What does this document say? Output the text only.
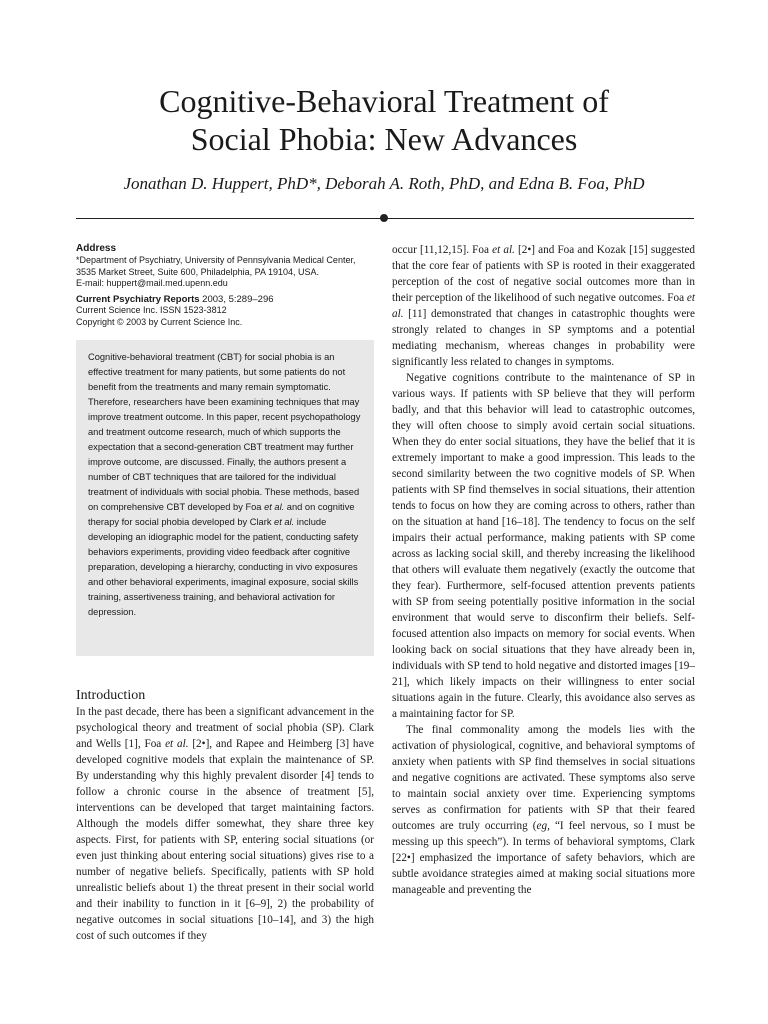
Cognitive-Behavioral Treatment of
Social Phobia: New Advances
Jonathan D. Huppert, PhD*, Deborah A. Roth, PhD, and Edna B. Foa, PhD
Address
*Department of Psychiatry, University of Pennsylvania Medical Center,
3535 Market Street, Suite 600, Philadelphia, PA 19104, USA.
E-mail: huppert@mail.med.upenn.edu
Current Psychiatry Reports 2003, 5:289–296
Current Science Inc. ISSN 1523-3812
Copyright © 2003 by Current Science Inc.
Cognitive-behavioral treatment (CBT) for social phobia is an effective treatment for many patients, but some patients do not benefit from the treatments and many remain symptomatic. Therefore, researchers have been examining techniques that may improve treatment outcome. In this paper, recent psychopathology and treatment outcome research, much of which supports the expectation that a second-generation CBT treatment may further improve outcome, are discussed. Finally, the authors present a number of CBT techniques that are tailored for the individual treatment of individuals with social phobia. These methods, based on comprehensive CBT developed by Foa et al. and on cognitive therapy for social phobia developed by Clark et al. include developing an idiographic model for the patient, conducting safety behaviors experiments, providing video feedback after cognitive preparation, developing a hierarchy, conducting in vivo exposures and other behavioral experiments, imaginal exposure, social skills training, assertiveness training, and behavioral activation for depression.
Introduction

In the past decade, there has been a significant advancement in the psychological theory and treatment of social phobia (SP). Clark and Wells [1], Foa et al. [2•], and Rapee and Heimberg [3] have developed cognitive models that explain the maintenance of SP. By understanding why this highly prevalent disorder [4] tends to follow a chronic course in the absence of treatment [5], interventions can be developed that target maintaining factors. Although the models differ somewhat, they share three key aspects. First, for patients with SP, entering social situations (or even just thinking about entering social situations) gives rise to a number of negative beliefs. Specifically, patients with SP hold unrealistic beliefs about 1) the threat present in their social world and their inability to function in it [6–9], 2) the probability of negative outcomes in social situations [10–14], and 3) the high cost of such outcomes if they

occur [11,12,15]. Foa et al. [2•] and Foa and Kozak [15] suggested that the core fear of patients with SP is rooted in their exaggerated perception of the cost of negative social outcomes more than in their perception of the likelihood of such negative outcomes. Foa et al. [11] demonstrated that changes in catastrophic thoughts were strongly related to changes in SP symptoms and a potential mediating mechanism, whereas changes in probability were significantly less related to changes in symptoms.

Negative cognitions contribute to the maintenance of SP in various ways. If patients with SP believe that they will perform badly, and that this behavior will lead to catastrophic outcomes, they will often choose to simply avoid certain social situations. When they do enter social situations, they have the belief that it is extremely important to make a good impression. This leads to the second similarity between the two cognitive models of SP. When patients with SP find themselves in social situations, their attention tends to focus on how they are coming across to others, rather than on the situation at hand [16–18]. The tendency to focus on the self impairs their actual performance, making patients with SP come across as lacking social skill, and thereby increasing the likelihood that others will evaluate them negatively (exactly the outcome that they fear). Furthermore, self-focused attention prevents patients with SP from seeing potentially positive information in the social environment that would serve to disconfirm their beliefs. Self-focused attention also impacts on memory for social events. When looking back on social situations that they have already been in, individuals with SP tend to hold negative and distorted images [19–21], which likely impacts on their willingness to enter social situations again in the future. Clearly, this avoidance also serves as a maintaining factor for SP.

The final commonality among the models lies with the activation of physiological, cognitive, and behavioral symptoms of anxiety when patients with SP find themselves in social situations and negative cognitions are activated. These symptoms also serve to maintain social anxiety over time. Experiencing symptoms serves as confirmation for patients with SP that their feared outcomes are truly occurring (eg, “I feel nervous, so I must be messing up this speech”). In terms of behavioral symptoms, Clark [22•] emphasized the importance of safety behaviors, which are subtle avoidance strategies aimed at making social situations more manageable and preventing the
